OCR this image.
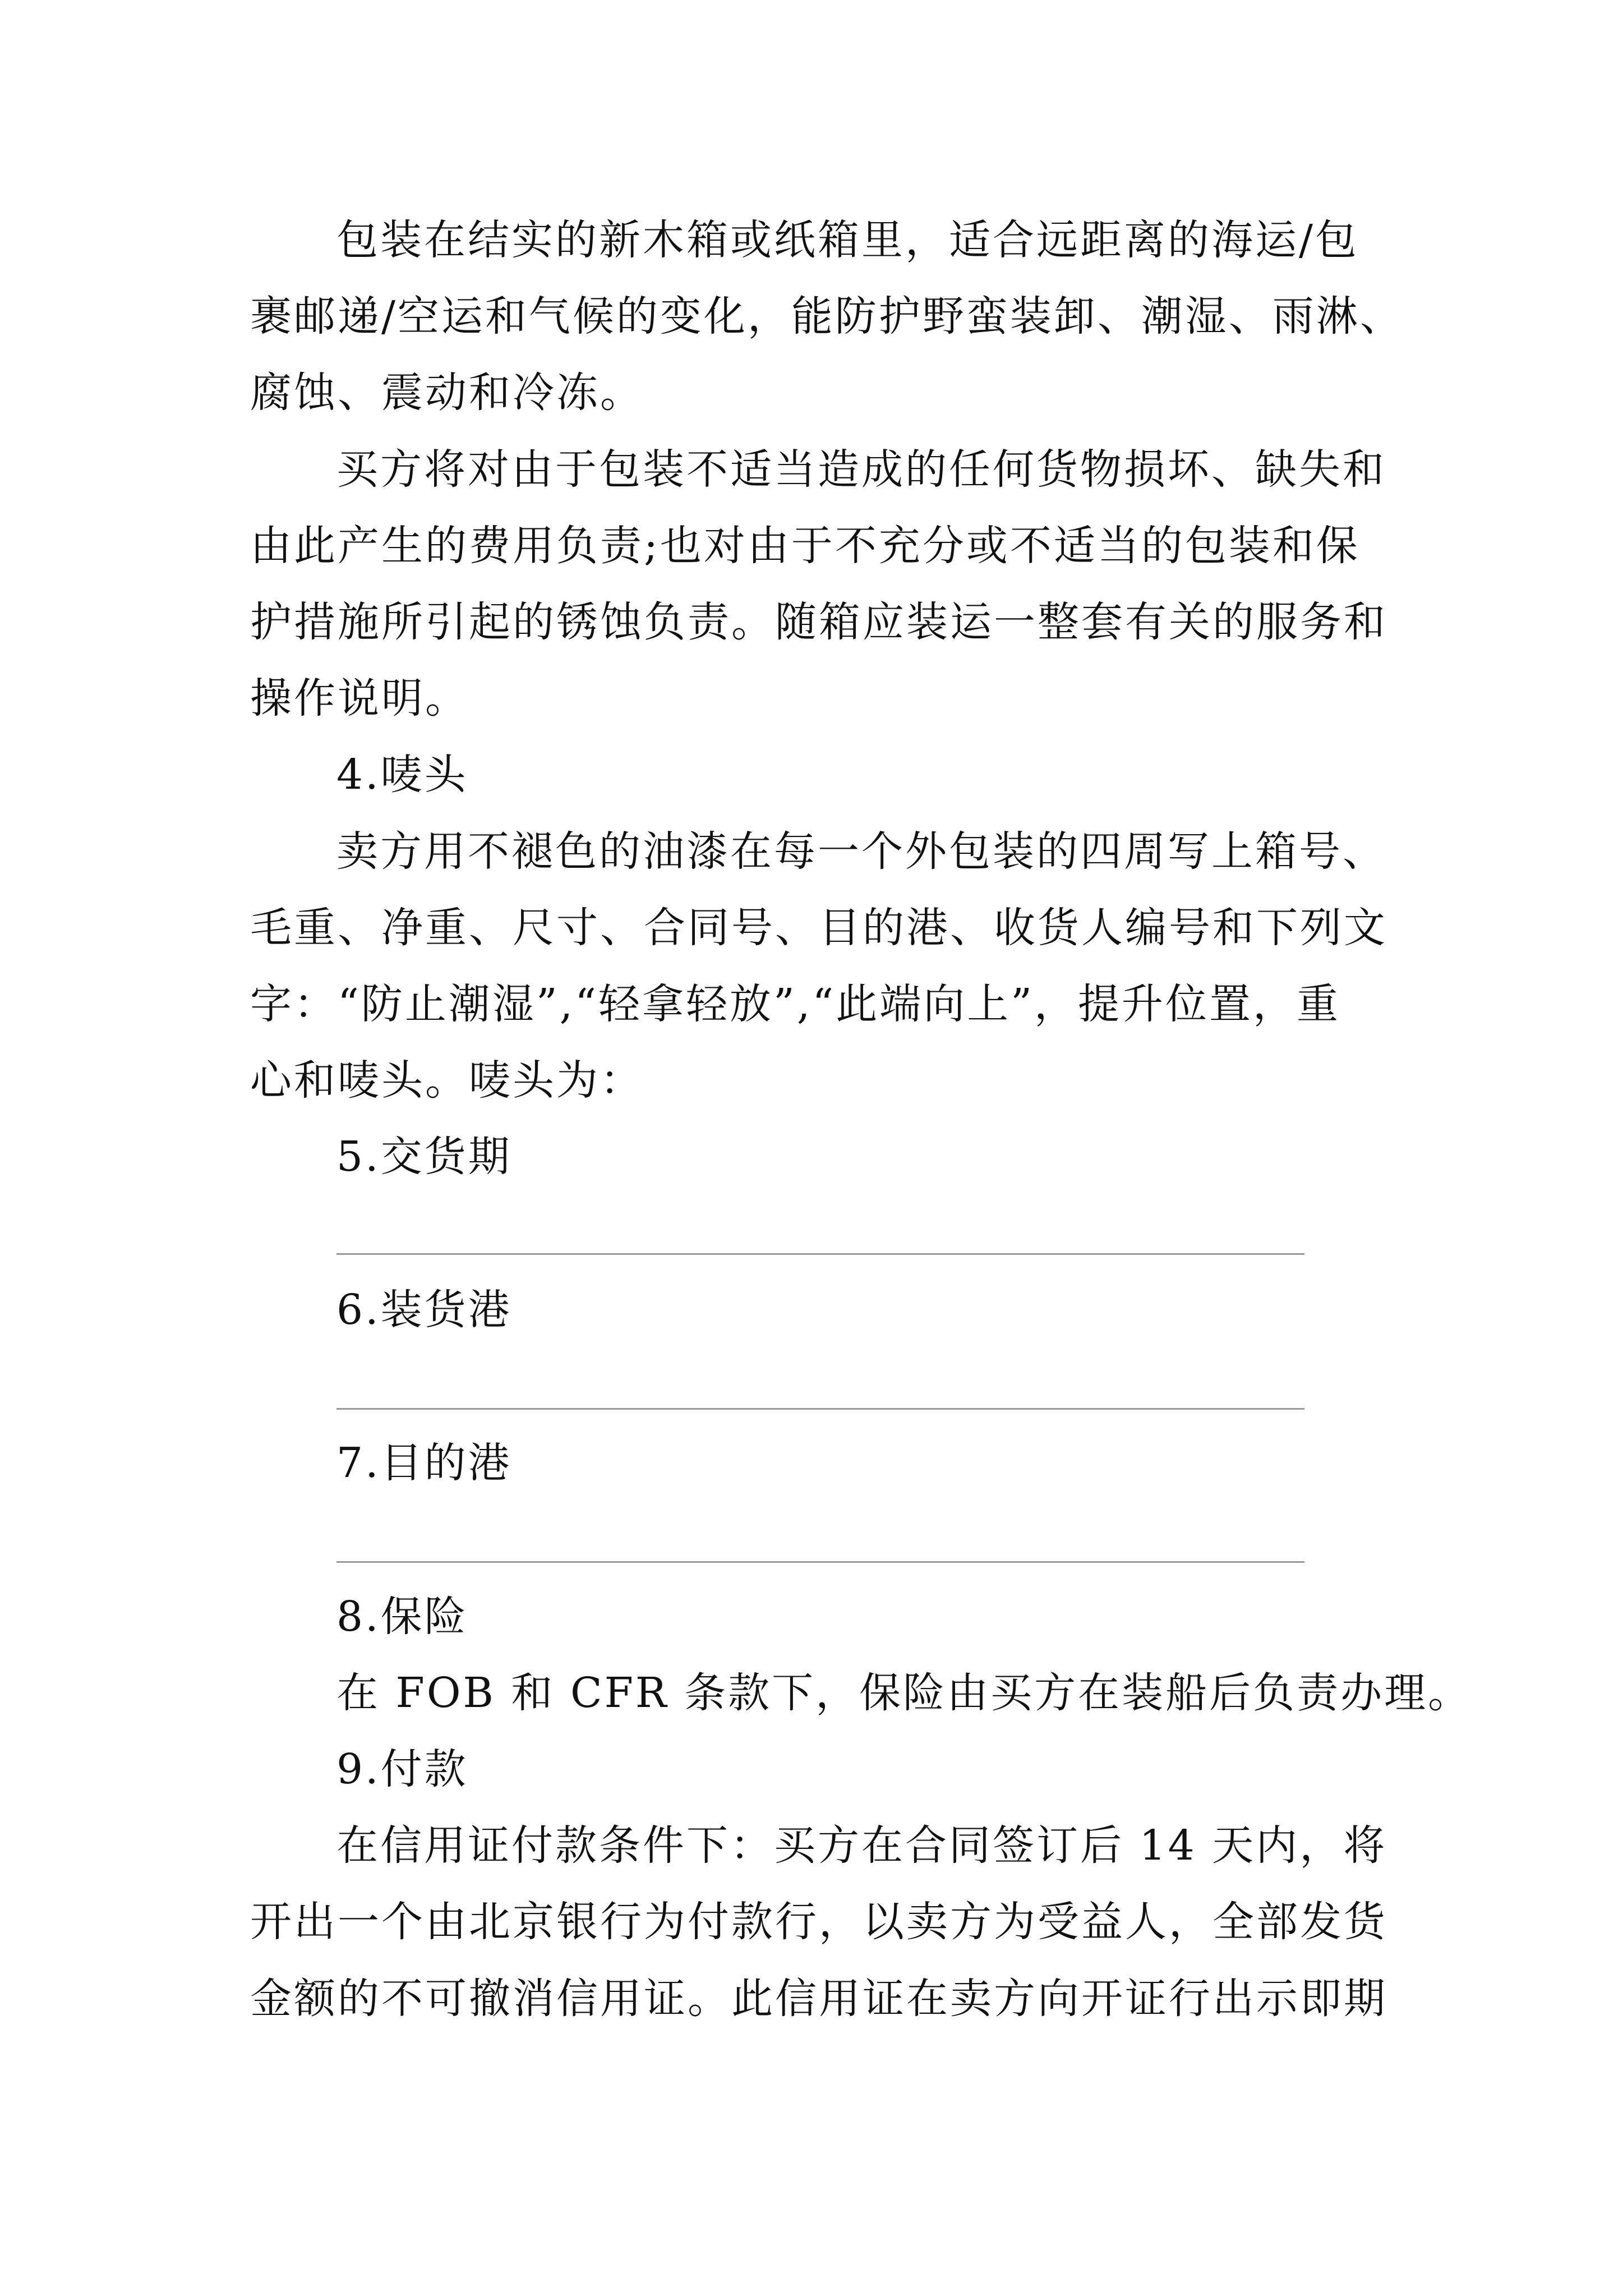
包装在结实的新木箱或纸箱里，适合远距离的海运/包
裹邮递/空运和气候的变化，能防护野蛮装卸、潮湿、雨淋、
腐蚀、震动和冷冻。
买方将对由于包装不适当造成的任何货物损坏、缺失和
由此产生的费用负责;也对由于不充分或不适当的包装和保
护措施所引起的锈蚀负责。随箱应装运一整套有关的服务和
操作说明。
4.唛头
卖方用不褪色的油漆在每一个外包装的四周写上箱号、
毛重、净重、尺寸、合同号、目的港、收货人编号和下列文
字：“防止潮湿”,“轻拿轻放”,“此端向上”，提升位置，重
心和唛头。唛头为：
5.交货期
6.装货港
7.目的港
8.保险
在 FOB 和 CFR 条款下，保险由买方在装船后负责办理。
9.付款
在信用证付款条件下：买方在合同签订后 14 天内，将
开出一个由北京银行为付款行，以卖方为受益人，全部发货
金额的不可撤消信用证。此信用证在卖方向开证行出示即期
